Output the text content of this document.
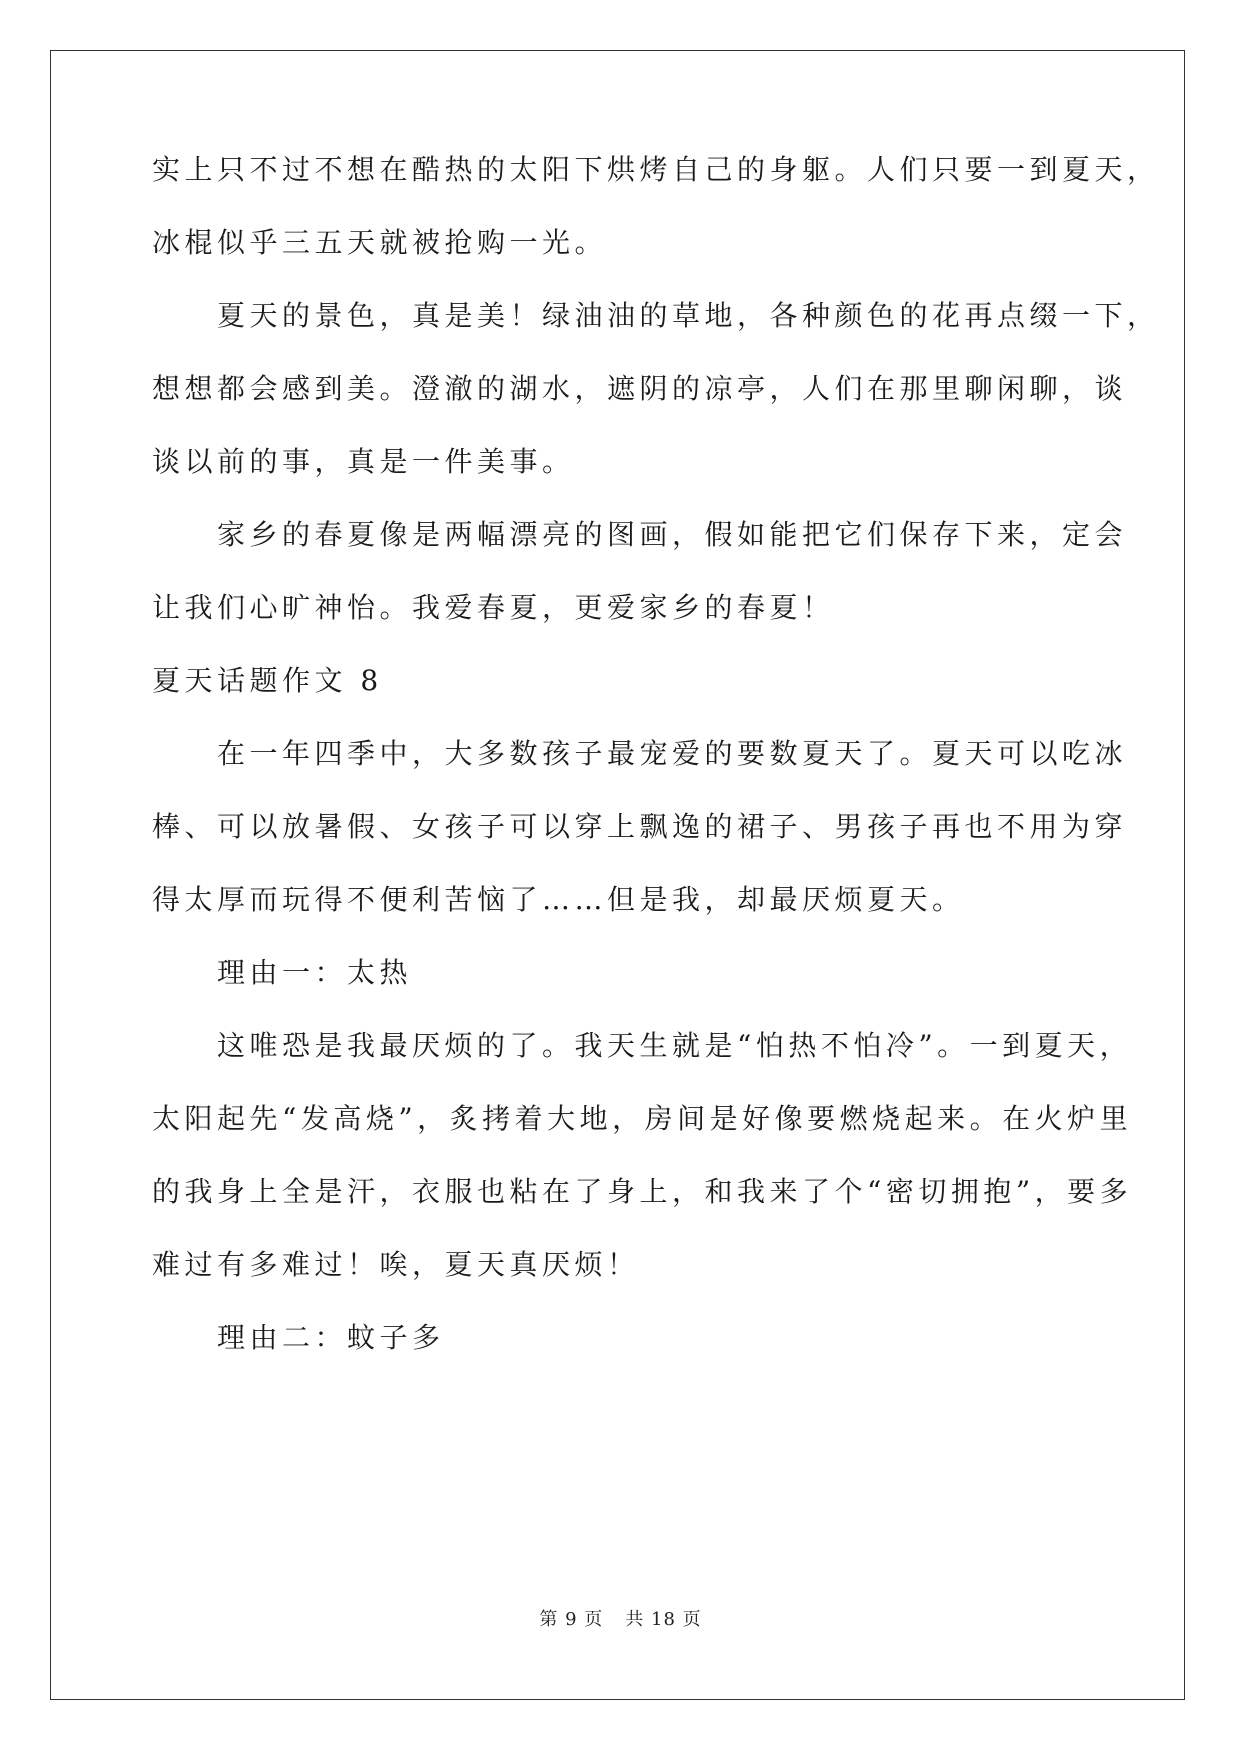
实上只不过不想在酷热的太阳下烘烤自己的身躯。人们只要一到夏天，
冰棍似乎三五天就被抢购一光。
　　夏天的景色，真是美！绿油油的草地，各种颜色的花再点缀一下，
想想都会感到美。澄澈的湖水，遮阴的凉亭，人们在那里聊闲聊，谈
谈以前的事，真是一件美事。
　　家乡的春夏像是两幅漂亮的图画，假如能把它们保存下来，定会
让我们心旷神怡。我爱春夏，更爱家乡的春夏！
夏天话题作文 8
　　在一年四季中，大多数孩子最宠爱的要数夏天了。夏天可以吃冰
棒、可以放暑假、女孩子可以穿上飘逸的裙子、男孩子再也不用为穿
得太厚而玩得不便利苦恼了……但是我，却最厌烦夏天。
　　理由一：太热
　　这唯恐是我最厌烦的了。我天生就是“怕热不怕冷”。一到夏天，
太阳起先“发高烧”，炙拷着大地，房间是好像要燃烧起来。在火炉里
的我身上全是汗，衣服也粘在了身上，和我来了个“密切拥抱”，要多
难过有多难过！唉，夏天真厌烦！
　　理由二：蚊子多
第 9 页 共 18 页
